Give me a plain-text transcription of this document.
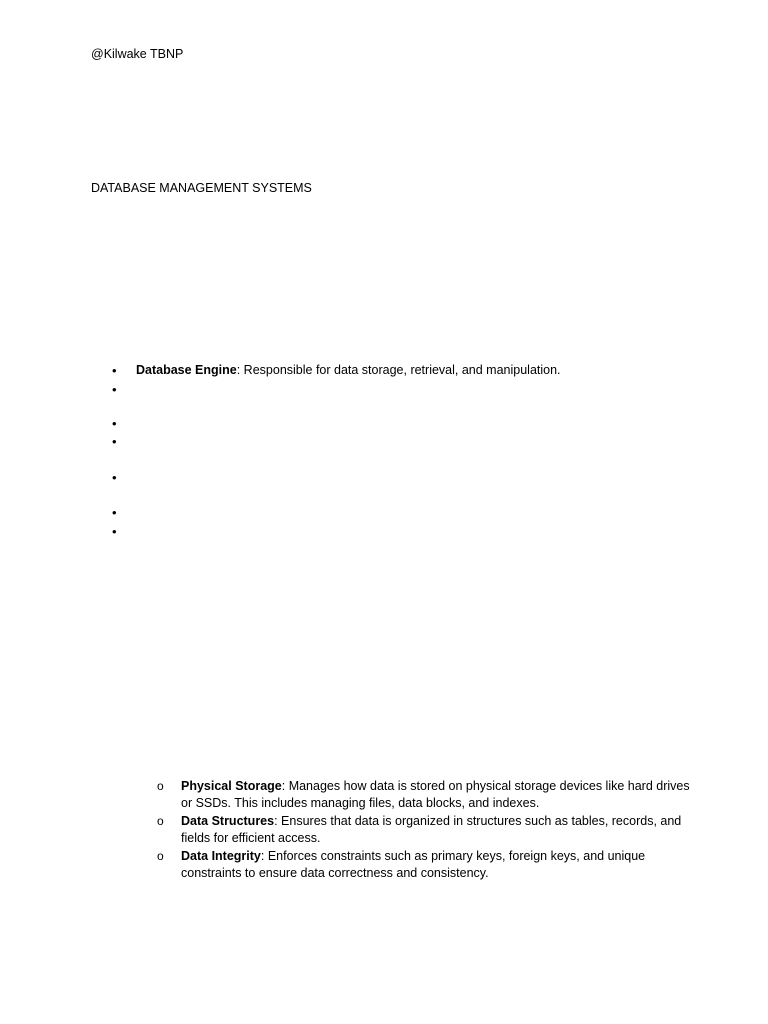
@Kilwake TBNP
DATABASE MANAGEMENT SYSTEMS
•	Database Engine: Responsible for data storage, retrieval, and manipulation.
•
•
•
•
•
•
o Physical Storage: Manages how data is stored on physical storage devices like hard drives or SSDs. This includes managing files, data blocks, and indexes.
o Data Structures: Ensures that data is organized in structures such as tables, records, and fields for efficient access.
o Data Integrity: Enforces constraints such as primary keys, foreign keys, and unique constraints to ensure data correctness and consistency.
